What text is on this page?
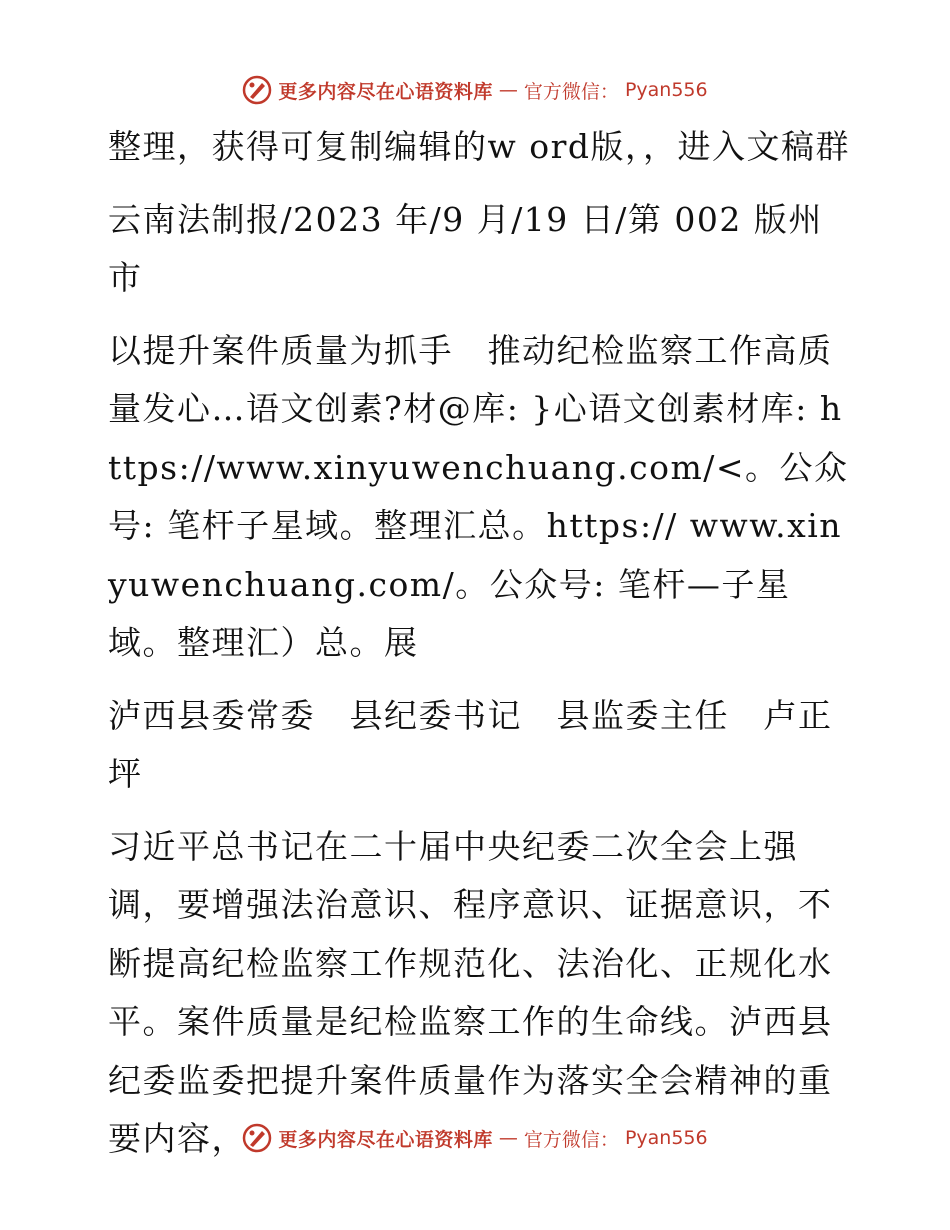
更多内容尽在心语资料库 — 官方微信： Pyan556

整理，获得可复制编辑的w ord版，，进入文稿群

云南法制报/2023 年/9 月/19 日/第 002 版州市

以提升案件质量为抓手　推动纪检监察工作高质量发心…语文创素?材@库: }心语文创素材库: https://www.xinyuwenchuang.com/<。公众号: 笔杆子星域。整理汇总。https:// www.xinyuwenchuang.com/。公众号: 笔杆—子星域。整理汇）总。展

泸西县委常委　县纪委书记　县监委主任　卢正坪

习近平总书记在二十届中央纪委二次全会上强调，要增强法治意识、程序意识、证据意识，不断提高纪检监察工作规范化、法治化、正规化水平。案件质量是纪检监察工作的生命线。泸西县纪委监委把提升案件质量作为落实全会精神的重要内容，	更多内容尽在心语资料库 — 官方微信： Pyan556
